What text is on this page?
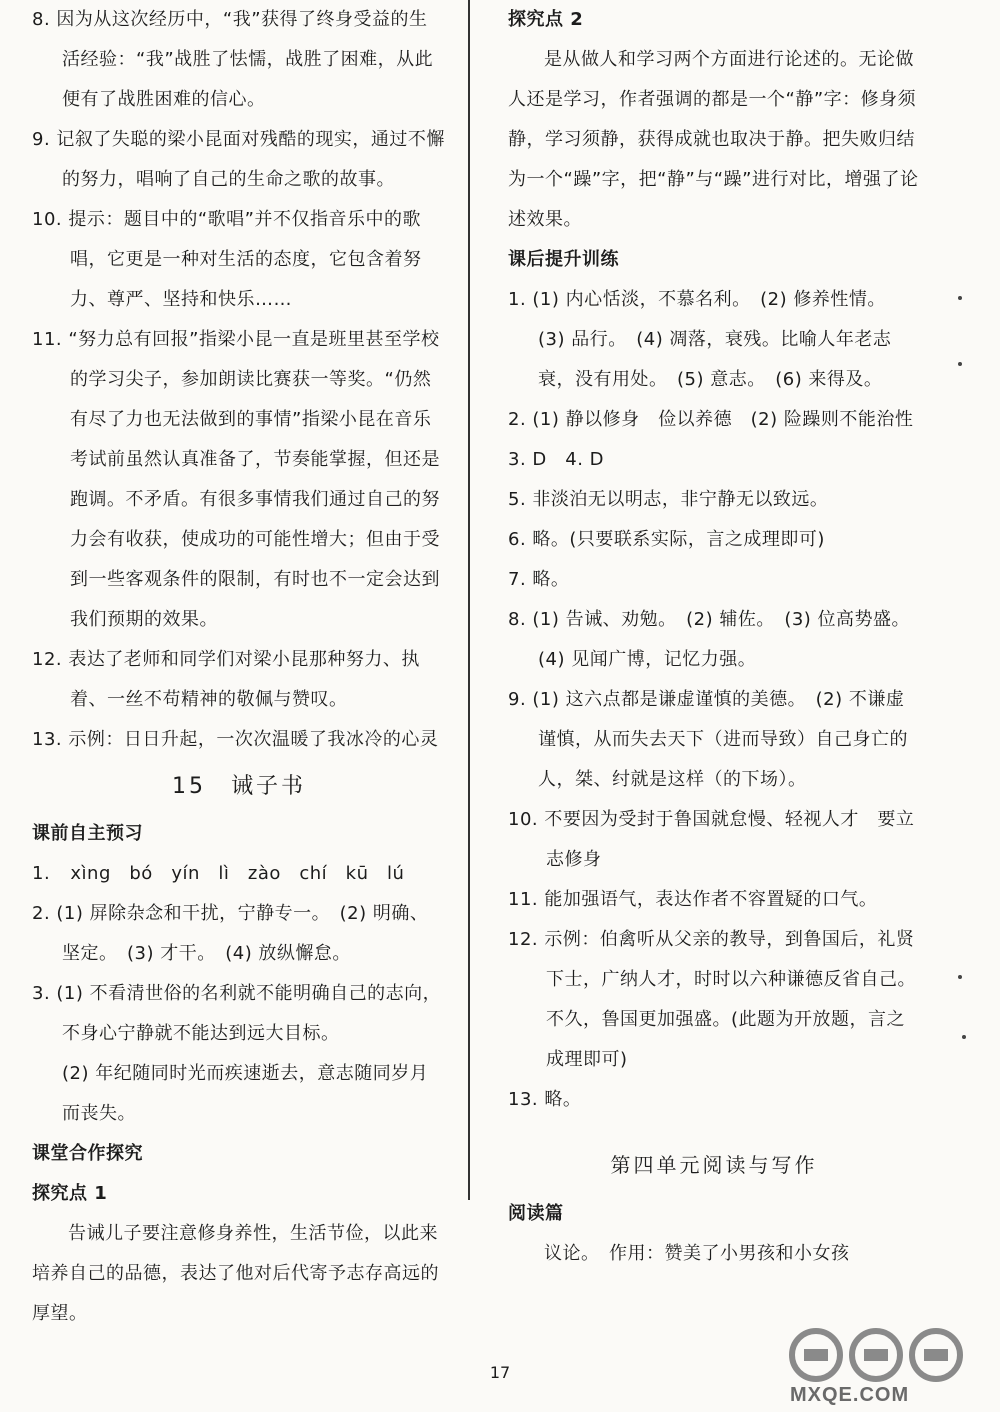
8. 因为从这次经历中，“我”获得了终身受益的生活经验：“我”战胜了怯懦，战胜了困难，从此便有了战胜困难的信心。

9. 记叙了失聪的梁小昆面对残酷的现实，通过不懈的努力，唱响了自己的生命之歌的故事。

10. 提示：题目中的“歌唱”并不仅指音乐中的歌唱，它更是一种对生活的态度，它包含着努力、尊严、坚持和快乐……

11. “努力总有回报”指梁小昆一直是班里甚至学校的学习尖子，参加朗读比赛获一等奖。“仍然有尽了力也无法做到的事情”指梁小昆在音乐考试前虽然认真准备了，节奏能掌握，但还是跑调。不矛盾。有很多事情我们通过自己的努力会有收获，使成功的可能性增大；但由于受到一些客观条件的限制，有时也不一定会达到我们预期的效果。

12. 表达了老师和同学们对梁小昆那种努力、执着、一丝不苟精神的敬佩与赞叹。

13. 示例：日日升起，一次次温暖了我冰冷的心灵

15　诫子书

课前自主预习

1. xìng　bó　yín　lì　zào　chí　kū　lú

2. (1) 屏除杂念和干扰，宁静专一。　(2) 明确、坚定。　(3) 才干。　(4) 放纵懈怠。

3. (1) 不看清世俗的名利就不能明确自己的志向，不身心宁静就不能达到远大目标。

(2) 年纪随同时光而疾速逝去，意志随同岁月而丧失。

课堂合作探究

探究点 1

告诫儿子要注意修身养性，生活节俭，以此来培养自己的品德，表达了他对后代寄予志存高远的厚望。

探究点 2

是从做人和学习两个方面进行论述的。无论做人还是学习，作者强调的都是一个“静”字：修身须静，学习须静，获得成就也取决于静。把失败归结为一个“躁”字，把“静”与“躁”进行对比，增强了论述效果。

课后提升训练

1. (1) 内心恬淡，不慕名利。　(2) 修养性情。　(3) 品行。　(4) 凋落，衰残。比喻人年老志衰，没有用处。　(5) 意志。　(6) 来得及。

2. (1) 静以修身　俭以养德　(2) 险躁则不能治性

3. D　4. D

5. 非淡泊无以明志，非宁静无以致远。

6. 略。(只要联系实际，言之成理即可)

7. 略。

8. (1) 告诫、劝勉。　(2) 辅佐。　(3) 位高势盛。　(4) 见闻广博，记忆力强。

9. (1) 这六点都是谦虚谨慎的美德。　(2) 不谦虚谨慎，从而失去天下（进而导致）自己身亡的人，桀、纣就是这样（的下场）。

10. 不要因为受封于鲁国就怠慢、轻视人才　要立志修身

11. 能加强语气，表达作者不容置疑的口气。

12. 示例：伯禽听从父亲的教导，到鲁国后，礼贤下士，广纳人才，时时以六种谦德反省自己。不久，鲁国更加强盛。(此题为开放题，言之成理即可)

13. 略。

第四单元阅读与写作

阅读篇

议论。　作用：赞美了小男孩和小女孩

17
MXQE.COM
